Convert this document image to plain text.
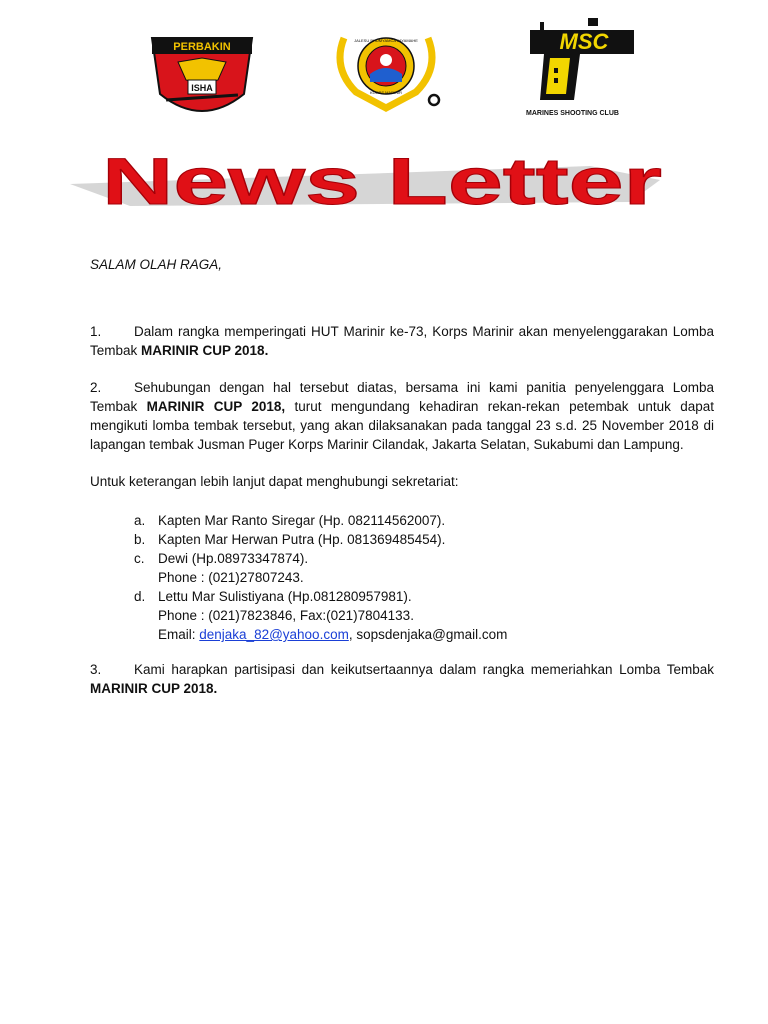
PERBAKIN
ISHA
JALESU BHUMYAMCA JAYAMAHE
KORPS MARINIR
MSC
MARINES SHOOTING CLUB
News Letter
SALAM OLAH RAGA,

1. Dalam rangka memperingati HUT Marinir ke-73, Korps Marinir akan menyelenggarakan Lomba Tembak MARINIR CUP 2018.

2. Sehubungan dengan hal tersebut diatas, bersama ini kami panitia penyelenggara Lomba Tembak MARINIR CUP 2018, turut mengundang kehadiran rekan-rekan petembak untuk dapat mengikuti lomba tembak tersebut, yang akan dilaksanakan pada tanggal 23 s.d. 25 November 2018 di lapangan tembak Jusman Puger Korps Marinir Cilandak, Jakarta Selatan, Sukabumi dan Lampung.

Untuk keterangan lebih lanjut dapat menghubungi sekretariat:
a. Kapten Mar Ranto Siregar (Hp. 082114562007).
b. Kapten Mar Herwan Putra (Hp. 081369485454).
c. Dewi (Hp.08973347874).
Phone : (021)27807243.
d. Lettu Mar Sulistiyana (Hp.081280957981).
Phone : (021)7823846, Fax:(021)7804133.
Email: denjaka_82@yahoo.com, sopsdenjaka@gmail.com

3. Kami harapkan partisipasi dan keikutsertaannya dalam rangka memeriahkan Lomba Tembak MARINIR CUP 2018.
